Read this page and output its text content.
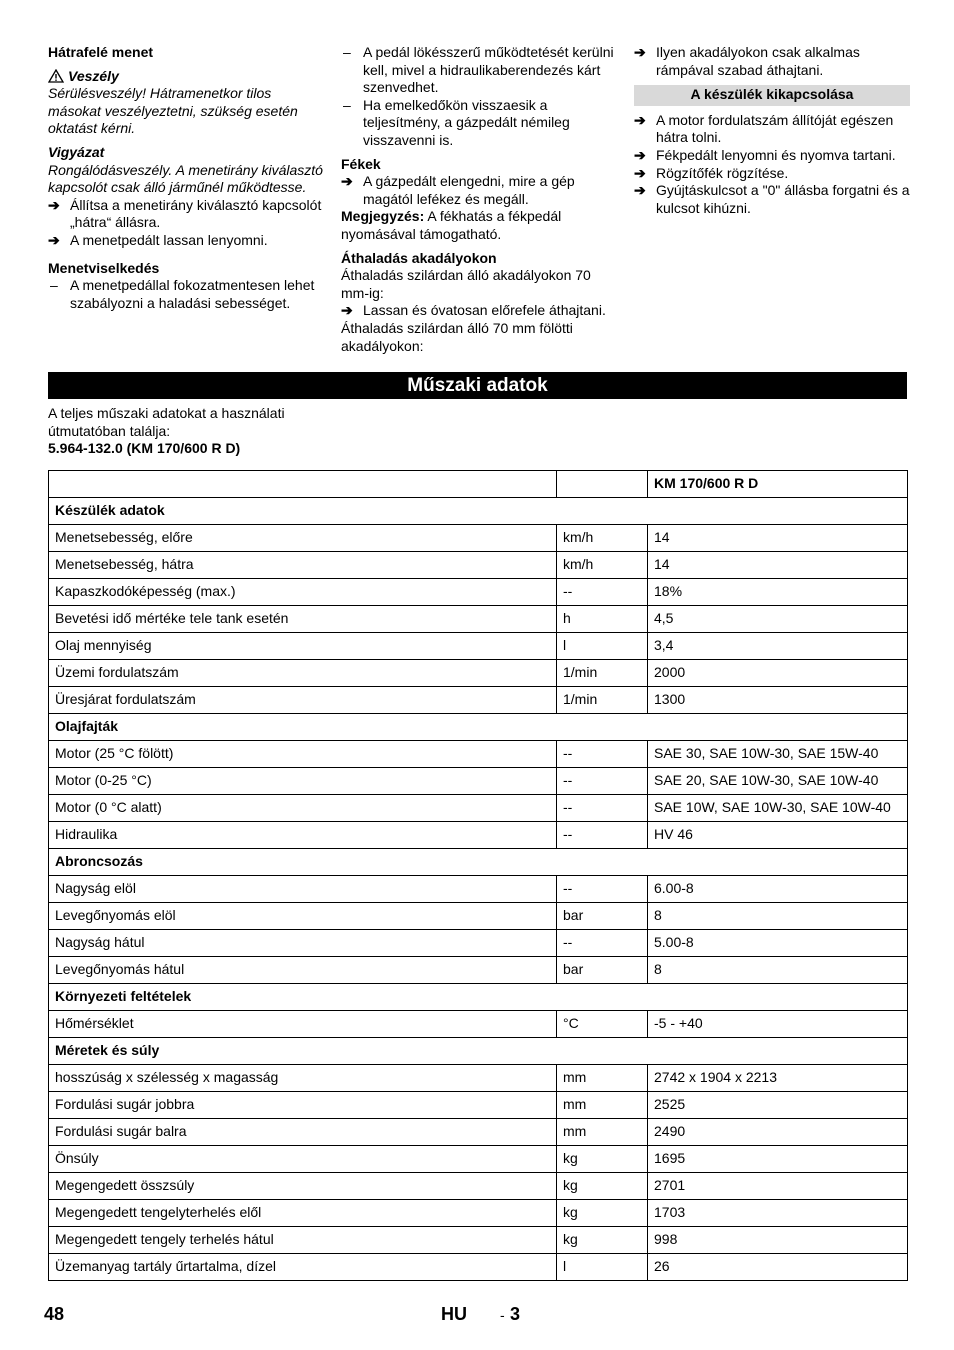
Hátrafelé menet

Veszély

Sérülésveszély! Hátramenetkor tilos másokat veszélyeztetni, szükség esetén oktatást kérni.

Vigyázat

Rongálódásveszély. A menetirány kiválasztó kapcsolót csak álló járműnél működtesse.

➔ Állítsa a menetirány kiválasztó kapcsolót „hátra“ állásra.

➔ A menetpedált lassan lenyomni.

Menetviselkedés

– A menetpedállal fokozatmentesen lehet szabályozni a haladási sebességet.

– A pedál lökésszerű működtetését kerülni kell, mivel a hidraulikaberendezés kárt szenvedhet.

– Ha emelkedőkön visszaesik a teljesítmény, a gázpedált némileg visszavenni is.

Fékek

➔ A gázpedált elengedni, mire a gép magától lefékez és megáll.

Megjegyzés: A fékhatás a fékpedál nyomásával támogatható.

Áthaladás akadályokon

Áthaladás szilárdan álló akadályokon 70 mm-ig:

➔ Lassan és óvatosan előrefele áthajtani.

Áthaladás szilárdan álló 70 mm fölötti akadályokon:

➔ Ilyen akadályokon csak alkalmas rámpával szabad áthajtani.

A készülék kikapcsolása

➔ A motor fordulatszám állítóját egészen hátra tolni.

➔ Fékpedált lenyomni és nyomva tartani.

➔ Rögzítőfék rögzítése.

➔ Gyújtáskulcsot a "0" állásba forgatni és a kulcsot kihúzni.

Műszaki adatok

A teljes műszaki adatokat a használati útmutatóban találja:

5.964-132.0 (KM 170/600 R D)

		KM 170/600 R D
Készülék adatok		
Menetsebesség, előre	km/h	14
Menetsebesség, hátra	km/h	14
Kapaszkodóképesség (max.)	--	18%
Bevetési idő mértéke tele tank esetén	h	4,5
Olaj mennyiség	l	3,4
Üzemi fordulatszám	1/min	2000
Üresjárat fordulatszám	1/min	1300
Olajfajták		
Motor (25 °C fölött)	--	SAE 30, SAE 10W-30, SAE 15W-40
Motor (0-25 °C)	--	SAE 20, SAE 10W-30, SAE 10W-40
Motor (0 °C alatt)	--	SAE 10W, SAE 10W-30, SAE 10W-40
Hidraulika	--	HV 46
Abroncsozás		
Nagyság elöl	--	6.00-8
Levegőnyomás elöl	bar	8
Nagyság hátul	--	5.00-8
Levegőnyomás hátul	bar	8
Környezeti feltételek		
Hőmérséklet	°C	-5 - +40
Méretek és súly		
hosszúság x szélesség x magasság	mm	2742 x 1904 x 2213
Fordulási sugár jobbra	mm	2525
Fordulási sugár balra	mm	2490
Önsúly	kg	1695
Megengedett összsúly	kg	2701
Megengedett tengelyterhelés elől	kg	1703
Megengedett tengely terhelés hátul	kg	998
Üzemanyag tartály űrtartalma, dízel	l	26
48	HU - 3
